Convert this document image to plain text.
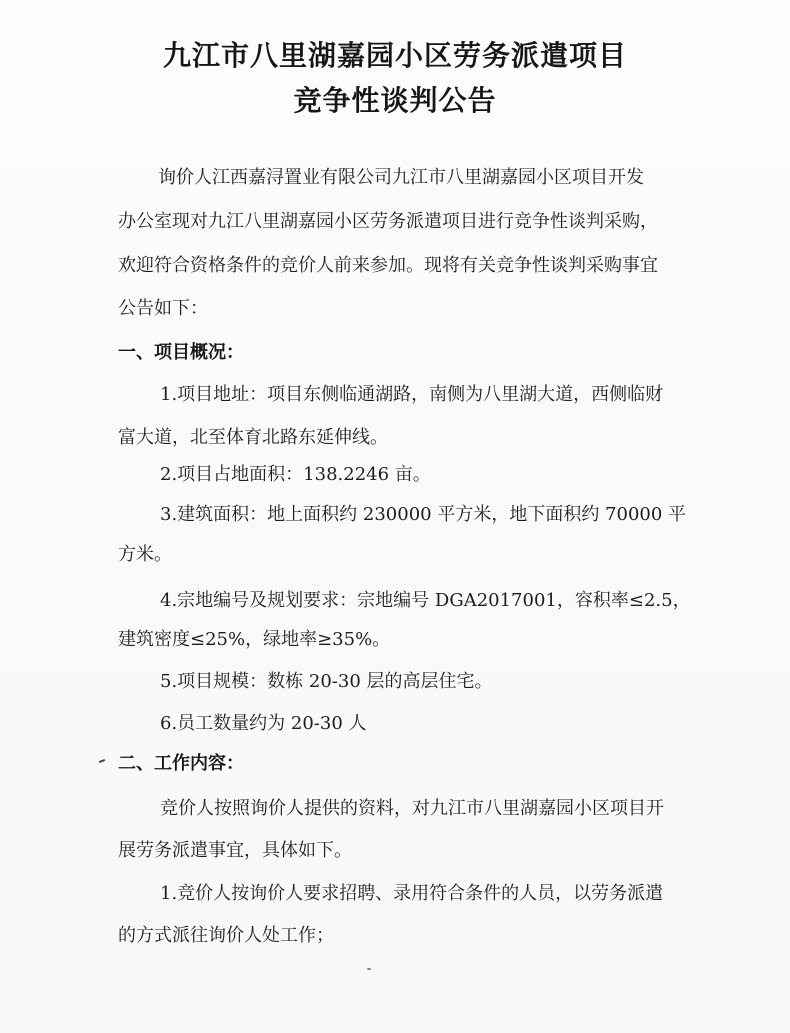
九江市八里湖嘉园小区劳务派遣项目
竞争性谈判公告
询价人江西嘉浔置业有限公司九江市八里湖嘉园小区项目开发
办公室现对九江八里湖嘉园小区劳务派遣项目进行竞争性谈判采购，
欢迎符合资格条件的竞价人前来参加。现将有关竞争性谈判采购事宜
公告如下：
一、项目概况：
1.项目地址：项目东侧临通湖路，南侧为八里湖大道，西侧临财
富大道，北至体育北路东延伸线。
2.项目占地面积：138.2246 亩。
3.建筑面积：地上面积约 230000 平方米，地下面积约 70000 平
方米。
4.宗地编号及规划要求：宗地编号 DGA2017001，容积率≤2.5，
建筑密度≤25%，绿地率≥35%。
5.项目规模：数栋 20-30 层的高层住宅。
6.员工数量约为 20-30 人
二、工作内容：
竞价人按照询价人提供的资料，对九江市八里湖嘉园小区项目开
展劳务派遣事宜，具体如下。
1.竞价人按询价人要求招聘、录用符合条件的人员，以劳务派遣
的方式派往询价人处工作；
